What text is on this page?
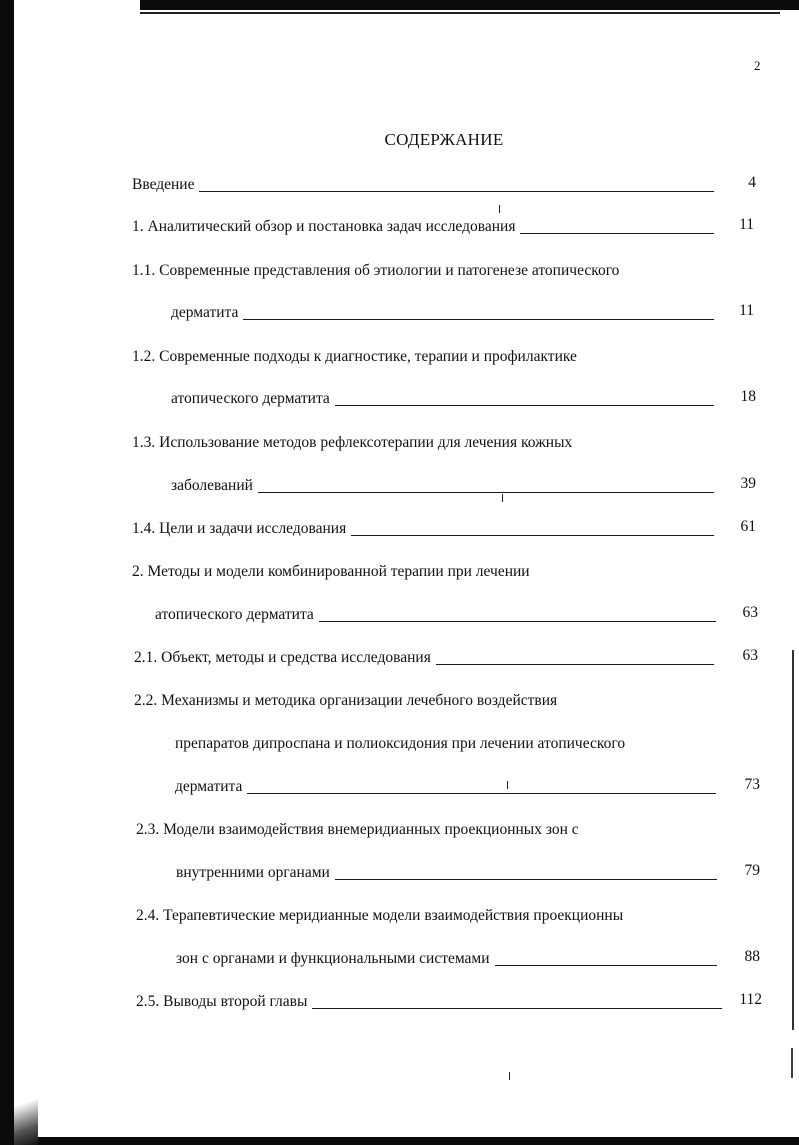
2
СОДЕРЖАНИЕ
Введение	4
1. Аналитический обзор и постановка задач исследования	11
1.1. Современные представления об этиологии и патогенезе атопического
дерматита	11
1.2. Современные подходы к диагностике, терапии и профилактике
атопического дерматита	18
1.3. Использование методов рефлексотерапии для лечения кожных
заболеваний	39
1.4. Цели и задачи исследования	61
2. Методы и модели комбинированной терапии при лечении
атопического дерматита	63
2.1. Объект, методы и средства исследования	63
2.2. Механизмы и методика организации лечебного воздействия
препаратов дипроспана и полиоксидония при лечении атопического
дерматита	73
2.3. Модели взаимодействия внемеридианных проекционных зон с
внутренними органами	79
2.4. Терапевтические меридианные модели взаимодействия проекционны
зон с органами и функциональными системами	88
2.5. Выводы второй главы	112
